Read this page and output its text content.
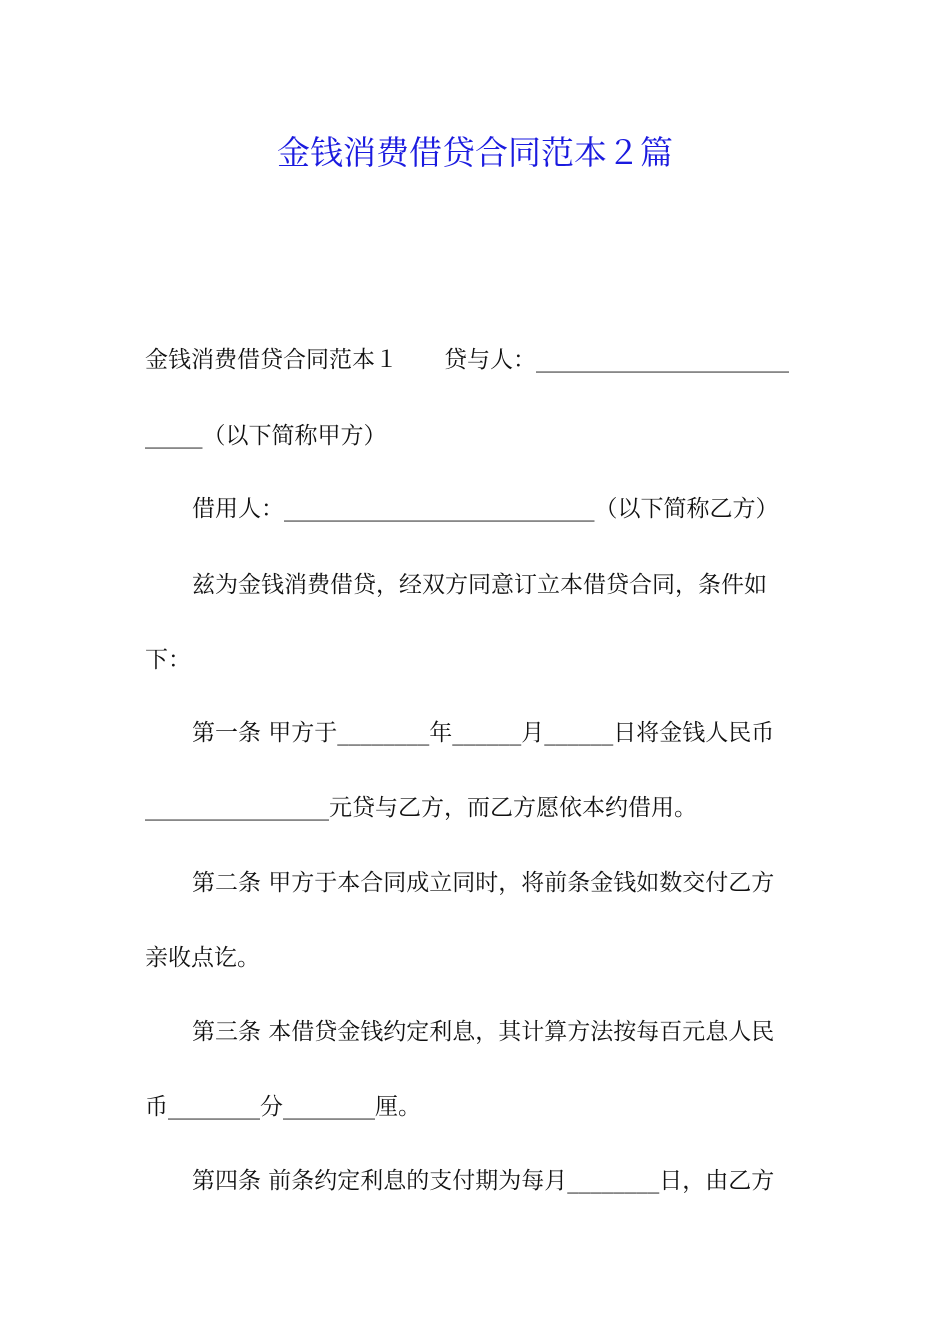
金钱消费借贷合同范本２篇
金钱消费借贷合同范本１　　贷与人：______________________
_____（以下简称甲方）
借用人：___________________________（以下简称乙方）
兹为金钱消费借贷，经双方同意订立本借贷合同，条件如
下：
第一条 甲方于________年______月______日将金钱人民币
________________元贷与乙方，而乙方愿依本约借用。
第二条 甲方于本合同成立同时，将前条金钱如数交付乙方
亲收点讫。
第三条 本借贷金钱约定利息，其计算方法按每百元息人民
币________分________厘。
第四条 前条约定利息的支付期为每月________日，由乙方
